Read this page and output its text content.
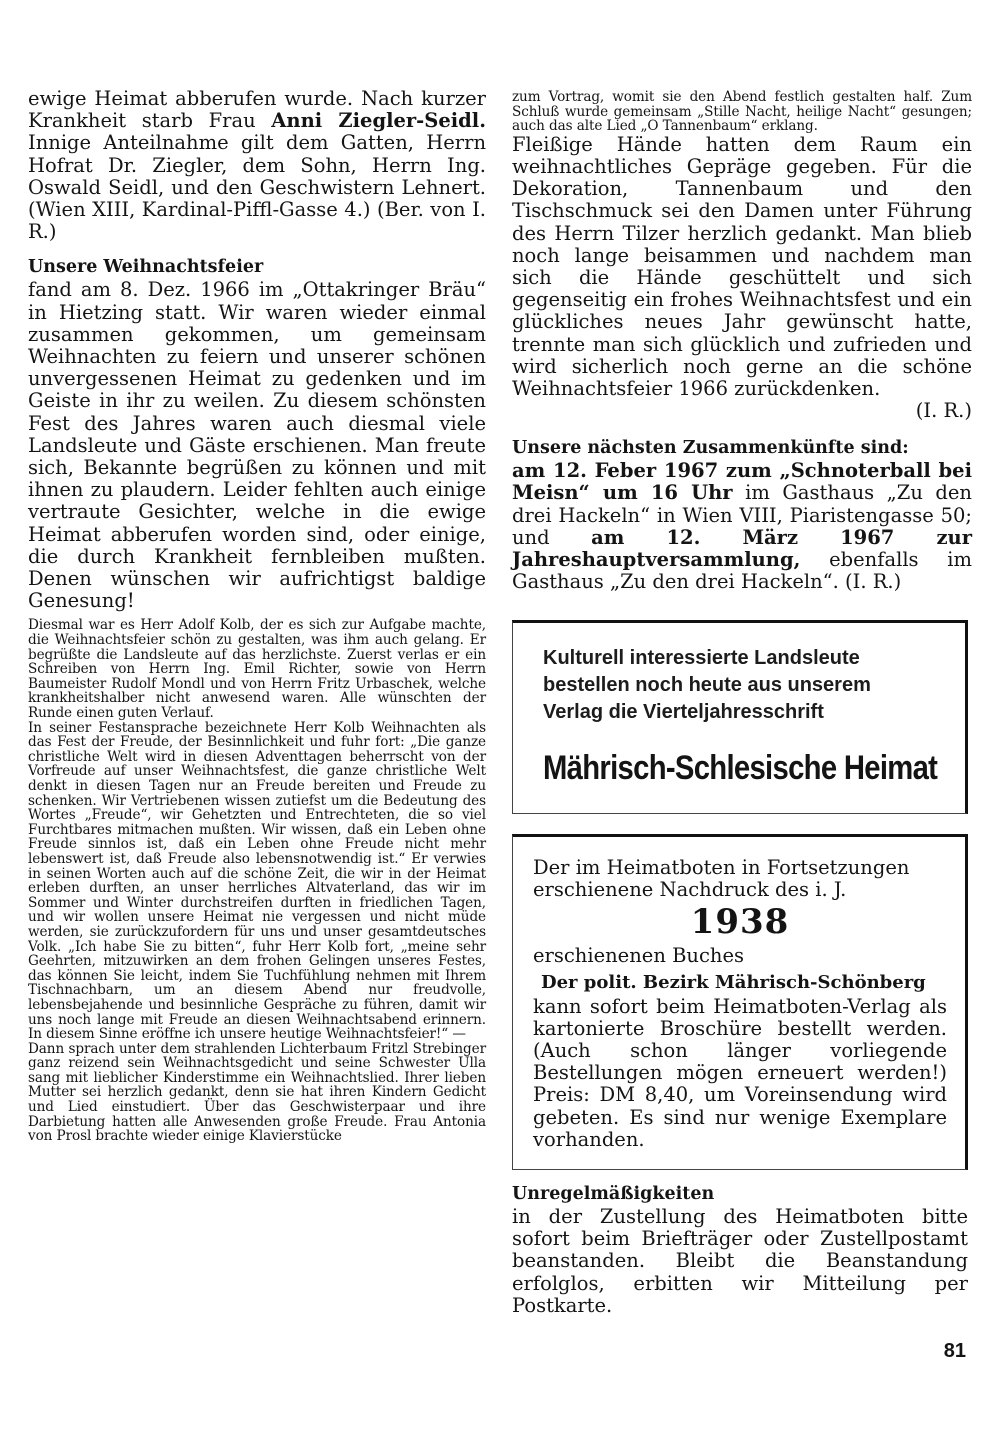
ewige Heimat abberufen wurde. Nach kurzer Krankheit starb Frau Anni Ziegler-Seidl. Innige Anteilnahme gilt dem Gatten, Herrn Hofrat Dr. Ziegler, dem Sohn, Herrn Ing. Oswald Seidl, und den Geschwistern Lehnert. (Wien XIII, Kardinal-Piffl-Gasse 4.) (Ber. von I. R.)

Unsere Weihnachtsfeier

fand am 8. Dez. 1966 im „Ottakringer Bräu“ in Hietzing statt. Wir waren wieder einmal zusammen gekommen, um gemeinsam Weihnachten zu feiern und unserer schönen unvergessenen Heimat zu gedenken und im Geiste in ihr zu weilen. Zu diesem schönsten Fest des Jahres waren auch diesmal viele Landsleute und Gäste erschienen. Man freute sich, Bekannte begrüßen zu können und mit ihnen zu plaudern. Leider fehlten auch einige vertraute Gesichter, welche in die ewige Heimat abberufen worden sind, oder einige, die durch Krankheit fernbleiben mußten. Denen wünschen wir aufrichtigst baldige Genesung!

Diesmal war es Herr Adolf Kolb, der es sich zur Aufgabe machte, die Weihnachtsfeier schön zu gestalten, was ihm auch gelang. Er begrüßte die Landsleute auf das herzlichste. Zuerst verlas er ein Schreiben von Herrn Ing. Emil Richter, sowie von Herrn Baumeister Rudolf Mondl und von Herrn Fritz Urbaschek, welche krankheitshalber nicht anwesend waren. Alle wünschten der Runde einen guten Verlauf.

In seiner Festansprache bezeichnete Herr Kolb Weihnachten als das Fest der Freude, der Besinnlichkeit und fuhr fort: „Die ganze christliche Welt wird in diesen Adventtagen beherrscht von der Vorfreude auf unser Weihnachtsfest, die ganze christliche Welt denkt in diesen Tagen nur an Freude bereiten und Freude zu schenken. Wir Vertriebenen wissen zutiefst um die Bedeutung des Wortes „Freude“, wir Gehetzten und Entrechteten, die so viel Furchtbares mitmachen mußten. Wir wissen, daß ein Leben ohne Freude sinnlos ist, daß ein Leben ohne Freude nicht mehr lebenswert ist, daß Freude also lebensnotwendig ist.“ Er verwies in seinen Worten auch auf die schöne Zeit, die wir in der Heimat erleben durften, an unser herrliches Altvaterland, das wir im Sommer und Winter durchstreifen durften in friedlichen Tagen, und wir wollen unsere Heimat nie vergessen und nicht müde werden, sie zurückzufordern für uns und unser gesamtdeutsches Volk. „Ich habe Sie zu bitten“, fuhr Herr Kolb fort, „meine sehr Geehrten, mitzuwirken an dem frohen Gelingen unseres Festes, das können Sie leicht, indem Sie Tuchfühlung nehmen mit Ihrem Tischnachbarn, um an diesem Abend nur freudvolle, lebensbejahende und besinnliche Gespräche zu führen, damit wir uns noch lange mit Freude an diesen Weihnachtsabend erinnern. In diesem Sinne eröffne ich unsere heutige Weihnachtsfeier!“ —

Dann sprach unter dem strahlenden Lichterbaum Fritzl Strebinger ganz reizend sein Weihnachtsgedicht und seine Schwester Ulla sang mit lieblicher Kinderstimme ein Weihnachtslied. Ihrer lieben Mutter sei herzlich gedankt, denn sie hat ihren Kindern Gedicht und Lied einstudiert. Über das Geschwisterpaar und ihre Darbietung hatten alle Anwesenden große Freude. Frau Antonia von Prosl brachte wieder einige Klavierstücke

zum Vortrag, womit sie den Abend festlich gestalten half. Zum Schluß wurde gemeinsam „Stille Nacht, heilige Nacht“ gesungen; auch das alte Lied „O Tannenbaum“ erklang.

Fleißige Hände hatten dem Raum ein weihnachtliches Gepräge gegeben. Für die Dekoration, Tannenbaum und den Tischschmuck sei den Damen unter Führung des Herrn Tilzer herzlich gedankt. Man blieb noch lange beisammen und nachdem man sich die Hände geschüttelt und sich gegenseitig ein frohes Weihnachtsfest und ein glückliches neues Jahr gewünscht hatte, trennte man sich glücklich und zufrieden und wird sicherlich noch gerne an die schöne Weihnachtsfeier 1966 zurückdenken.

(I. R.)

Unsere nächsten Zusammenkünfte sind:

am 12. Feber 1967 zum „Schnoterball bei Meisn“ um 16 Uhr im Gasthaus „Zu den drei Hackeln“ in Wien VIII, Piaristengasse 50; und am 12. März 1967 zur Jahreshauptversammlung, ebenfalls im Gasthaus „Zu den drei Hackeln“. (I. R.)

Kulturell interessierte Landsleute

bestellen noch heute aus unserem

Verlag die Vierteljahresschrift

Mährisch-Schlesische Heimat

Der im Heimatboten in Fortsetzungen erschienene Nachdruck des i. J.

1938

erschienenen Buches

Der polit. Bezirk Mährisch-Schönberg

kann sofort beim Heimatboten-Verlag als kartonierte Broschüre bestellt werden. (Auch schon länger vorliegende Bestellungen mögen erneuert werden!) Preis: DM 8,40, um Voreinsendung wird gebeten. Es sind nur wenige Exemplare vorhanden.

Unregelmäßigkeiten

in der Zustellung des Heimatboten bitte sofort beim Briefträger oder Zustellpostamt beanstanden. Bleibt die Beanstandung erfolglos, erbitten wir Mitteilung per Postkarte.

81
